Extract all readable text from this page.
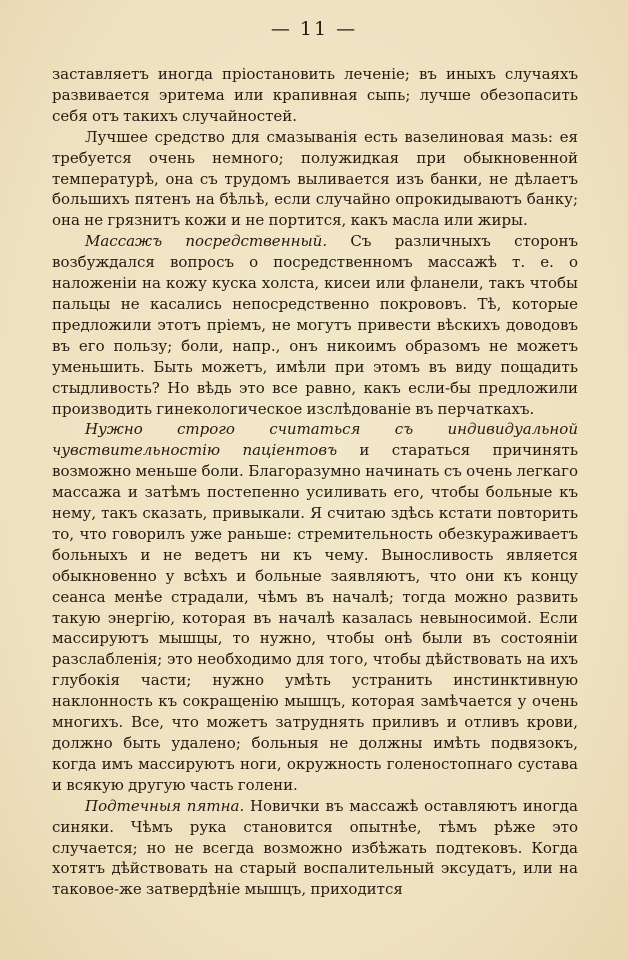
— 11 —

заставляетъ иногда пріостановить леченіе; въ иныхъ случаяхъ развивается эритема или крапивная сыпь; лучше обезопасить себя отъ такихъ случайностей.

Лучшее средство для смазыванія есть вазелиновая мазь: ея требуется очень немного; полужидкая при обыкновенной температурѣ, она съ трудомъ выливается изъ банки, не дѣлаетъ большихъ пятенъ на бѣльѣ, если случайно опрокидываютъ банку; она не грязнитъ кожи и не портится, какъ масла или жиры.

Массажъ посредственный. Съ различныхъ сторонъ возбуждался вопросъ о посредственномъ массажѣ т. е. о наложеніи на кожу куска холста, кисеи или фланели, такъ чтобы пальцы не касались непосредственно покрововъ. Тѣ, которые предложили этотъ пріемъ, не могутъ привести вѣскихъ доводовъ въ его пользу; боли, напр., онъ никоимъ образомъ не можетъ уменьшить. Быть можетъ, имѣли при этомъ въ виду пощадить стыдливость? Но вѣдь это все равно, какъ если-бы предложили производить гинекологическое изслѣдованіе въ перчаткахъ.

Нужно строго считаться съ индивидуальной чувствительностію паціентовъ и стараться причинять возможно меньше боли. Благоразумно начинать съ очень легкаго массажа и затѣмъ постепенно усиливать его, чтобы больные къ нему, такъ сказать, привыкали. Я считаю здѣсь кстати повторить то, что говорилъ уже раньше: стремительность обезкураживаетъ больныхъ и не ведетъ ни къ чему. Выносливость является обыкновенно у всѣхъ и больные заявляютъ, что они къ концу сеанса менѣе страдали, чѣмъ въ началѣ; тогда можно развить такую энергію, которая въ началѣ казалась невыносимой. Если массируютъ мышцы, то нужно, чтобы онѣ были въ состояніи разслабленія; это необходимо для того, чтобы дѣйствовать на ихъ глубокія части; нужно умѣть устранить инстинктивную наклонность къ сокращенію мышцъ, которая замѣчается у очень многихъ. Все, что можетъ затруднять приливъ и отливъ крови, должно быть удалено; больныя не должны имѣть подвязокъ, когда имъ массируютъ ноги, окружность голеностопнаго сустава и всякую другую часть голени.

Подтечныя пятна. Новички въ массажѣ оставляютъ иногда синяки. Чѣмъ рука становится опытнѣе, тѣмъ рѣже это случается; но не всегда возможно избѣжать подтековъ. Когда хотятъ дѣйствовать на старый воспалительный эксудатъ, или на таковое-же затвердѣніе мышцъ, приходится
